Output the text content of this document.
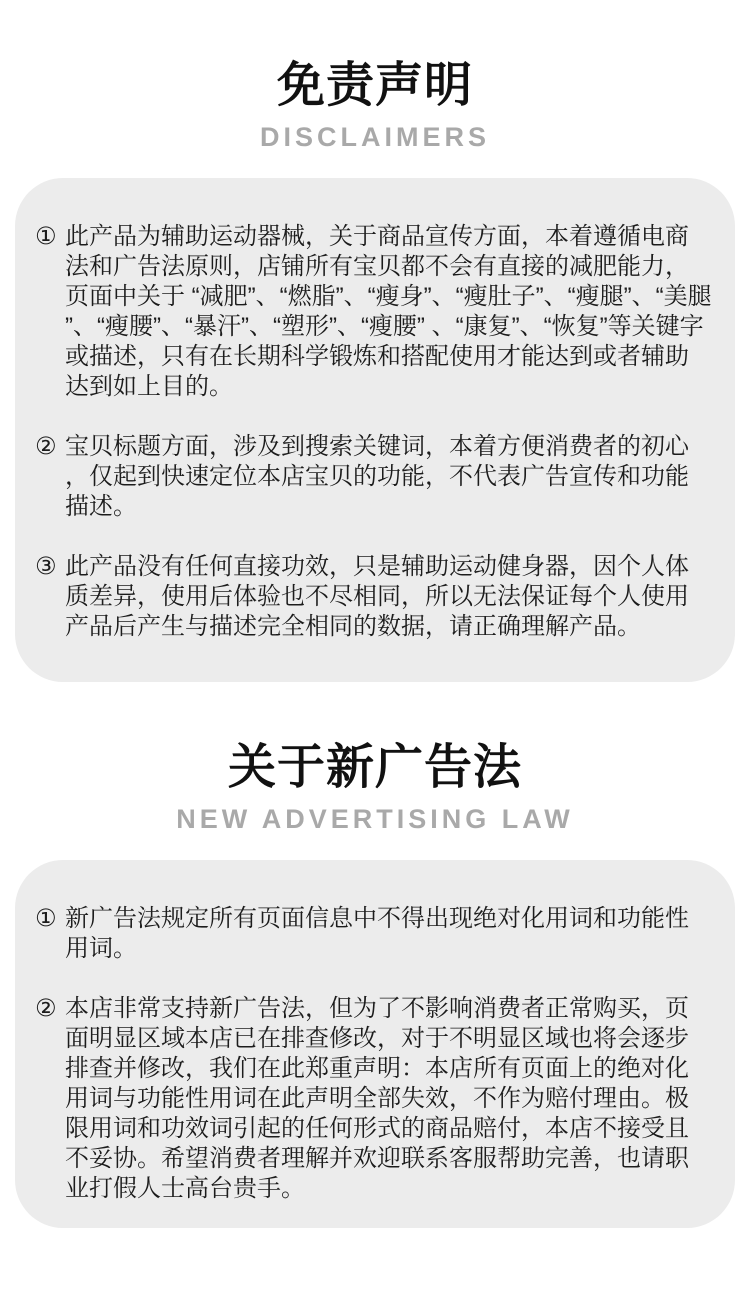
免责声明
DISCLAIMERS
① 此产品为辅助运动器械，关于商品宣传方面，本着遵循电商法和广告法原则，店铺所有宝贝都不会有直接的减肥能力，页面中关于 “减肥”、“燃脂”、“瘦身”、“瘦肚子”、“瘦腿”、“美腿”、“瘦腰”、“暴汗”、“塑形”、“瘦腰” 、“康复”、“恢复”等关键字或描述，只有在长期科学锻炼和搭配使用才能达到或者辅助达到如上目的。

② 宝贝标题方面，涉及到搜索关键词，本着方便消费者的初心，仅起到快速定位本店宝贝的功能，不代表广告宣传和功能描述。

③ 此产品没有任何直接功效，只是辅助运动健身器，因个人体质差异，使用后体验也不尽相同，所以无法保证每个人使用产品后产生与描述完全相同的数据，请正确理解产品。

关于新广告法
NEW ADVERTISING LAW
① 新广告法规定所有页面信息中不得出现绝对化用词和功能性用词。

② 本店非常支持新广告法，但为了不影响消费者正常购买，页面明显区域本店已在排查修改，对于不明显区域也将会逐步排查并修改，我们在此郑重声明：本店所有页面上的绝对化用词与功能性用词在此声明全部失效，不作为赔付理由。极限用词和功效词引起的任何形式的商品赔付，本店不接受且不妥协。希望消费者理解并欢迎联系客服帮助完善，也请职业打假人士高台贵手。
